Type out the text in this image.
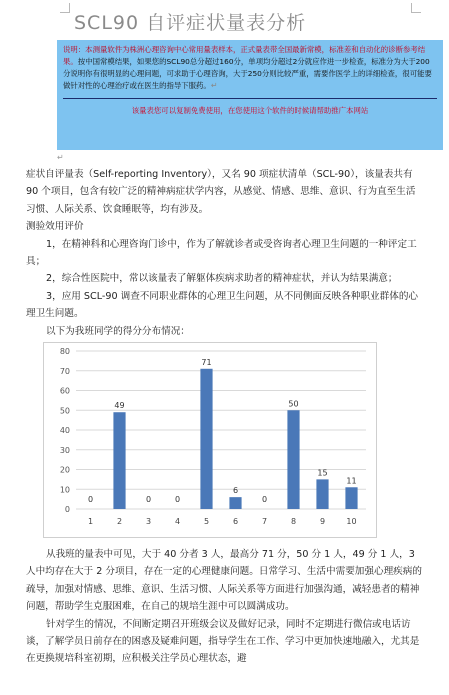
SCL90 自评症状量表分析
说明：本测量软件为株洲心理咨询中心常用量表样本，正式量表带全国最新常模，标准差和自动化的诊断参考结果。按中国常模结果，如果您的SCL90总分超过160分，单项均分超过2分就应作进一步检查，标准分为大于200分说明你有很明显的心理问题，可求助于心理咨询，大于250分则比较严重，需要作医学上的详细检查，很可能要做针对性的心理治疗或在医生的指导下服药。↵
该量表您可以复制免费使用，在您使用这个软件的时候请帮助推广本网站
↵

症状自评量表（Self-reporting Inventory），又名 90 项症状清单（SCL-90），该量表共有 90 个项目，包含有较广泛的精神病症状学内容，从感觉、情感、思维、意识、行为直至生活习惯、人际关系、饮食睡眠等，均有涉及。

测验效用评价

1，在精神科和心理咨询门诊中，作为了解就诊者或受咨询者心理卫生问题的一种评定工具；

2，综合性医院中，常以该量表了解躯体疾病求助者的精神症状，并认为结果满意；

3，应用 SCL-90 调查不同职业群体的心理卫生问题，从不同侧面反映各种职业群体的心理卫生问题。

以下为我班同学的得分分布情况：

0
10
20
30
40
50
60
70
80
0
1
49
2
0
3
0
4
71
5
6
6
0
7
50
8
15
9
11
10

从我班的量表中可见，大于 40 分者 3 人，最高分 71 分，50 分 1 人，49 分 1 人，3 人中均存在大于 2 分项目，存在一定的心理健康问题。日常学习、生活中需要加强心理疾病的疏导，加强对情感、思维、意识、生活习惯、人际关系等方面进行加强沟通，减轻患者的精神问题，帮助学生克服困难，在自己的规培生涯中可以圆满成功。

针对学生的情况，不间断定期召开班级会议及做好记录，同时不定期进行微信或电话访谈，了解学员日前存在的困惑及疑难问题，指导学生在工作、学习中更加快速地融入，尤其是在更换规培科室初期，应积极关注学员心理状态，避
